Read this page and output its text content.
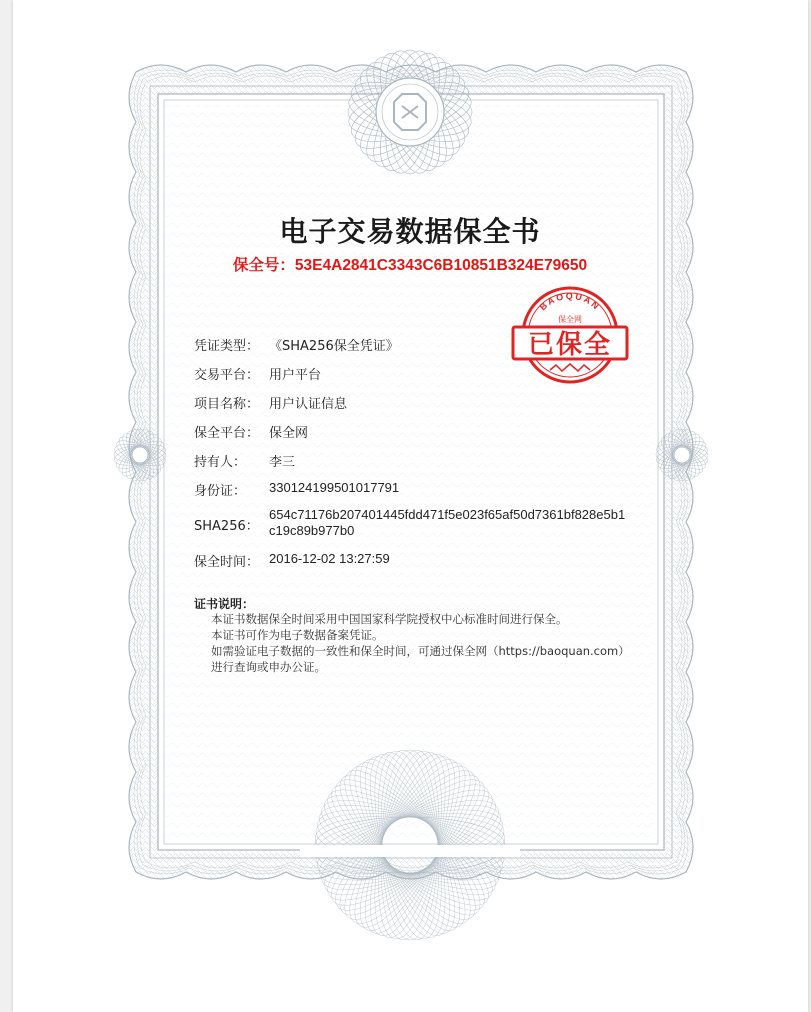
电子交易数据保全书
保全号：53E4A2841C3343C6B10851B324E79650
BAOQUAN
保全网
已保全
凭证类型： 《SHA256保全凭证》
交易平台： 用户平台
项目名称： 用户认证信息
保全平台： 保全网
持有人： 李三
身份证： 330124199501017791
SHA256：
654c71176b207401445fdd471f5e023f65af50d7361bf828e5b1c19c89b977b0
保全时间： 2016-12-02 13:27:59
证书说明：
本证书数据保全时间采用中国国家科学院授权中心标准时间进行保全。
本证书可作为电子数据备案凭证。
如需验证电子数据的一致性和保全时间，可通过保全网（https://baoquan.com）
进行查询或申办公证。
